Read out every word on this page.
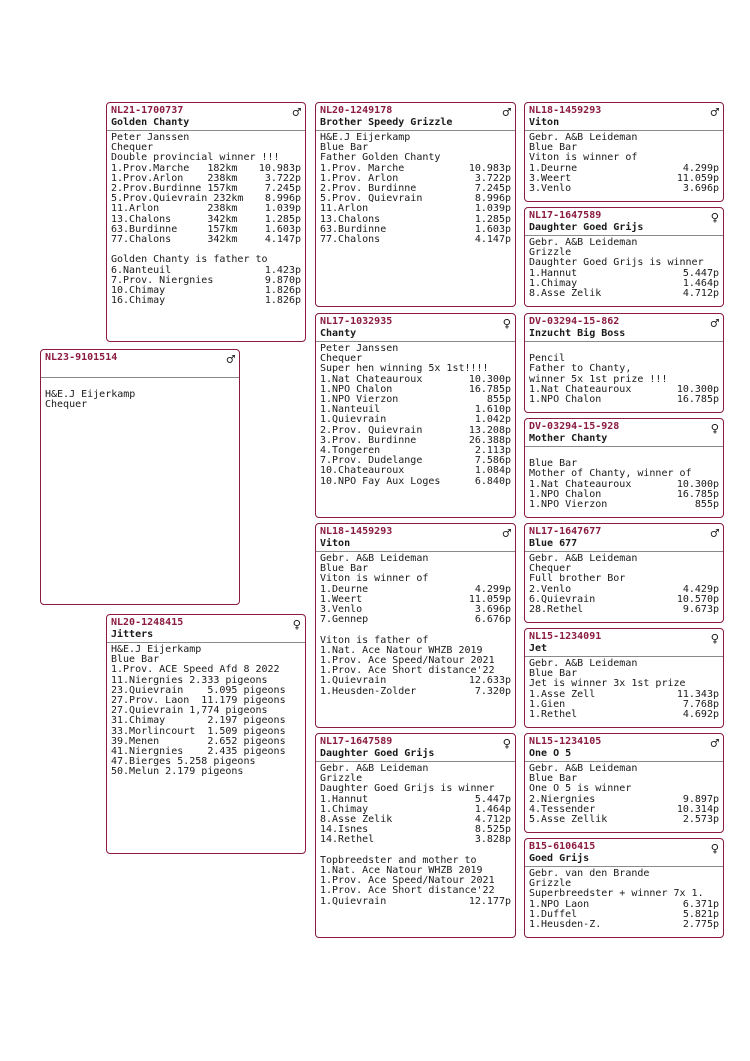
NL21-1700737
Golden Chanty
♂
Peter Janssen
Chequer
Double provincial winner !!!
1.Prov.Marche   182km 10.983p
1.Prov.Arlon    238km	3.722p
2.Prov.Burdinne 157km	7.245p
5.Prov.Quievrain 232km 8.996p
11.Arlon        238km	1.039p
13.Chalons      342km	1.285p
63.Burdinne     157km	1.603p
77.Chalons      342km	4.147p
Golden Chanty is father to
6.Nanteuil	1.423p
7.Prov. Niergnies	9.870p
10.Chimay	1.826p
16.Chimay	1.826p
NL20-1249178
Brother Speedy Grizzle
♂
H&E.J Eijerkamp
Blue Bar
Father Golden Chanty
1.Prov. Marche	10.983p
1.Prov. Arlon	3.722p
2.Prov. Burdinne	7.245p
5.Prov. Quievrain	8.996p
11.Arlon	1.039p
13.Chalons	1.285p
63.Burdinne	1.603p
77.Chalons	4.147p
NL18-1459293
Viton
♂
Gebr. A&B Leideman
Blue Bar
Viton is winner of
1.Deurne	4.299p
3.Weert	11.059p
3.Venlo	3.696p
NL17-1647589
Daughter Goed Grijs
♀
Gebr. A&B Leideman
Grizzle
Daughter Goed Grijs is winner
1.Hannut	5.447p
1.Chimay	1.464p
8.Asse Zelik	4.712p
NL17-1032935
Chanty
♀
Peter Janssen
Chequer
Super hen winning 5x 1st!!!!
1.Nat Chateauroux	10.300p
1.NPO Chalon	16.785p
1.NPO Vierzon	855p
1.Nanteuil	1.610p
1.Quievrain	1.042p
2.Prov. Quievrain	13.208p
3.Prov. Burdinne	26.388p
4.Tongeren	2.113p
7.Prov. Dudelange	7.586p
10.Chateauroux	1.084p
10.NPO Fay Aux Loges	6.840p
DV-03294-15-862
Inzucht Big Boss
♂
Pencil
Father to Chanty,
winner 5x 1st prize !!!
1.Nat Chateauroux	10.300p
1.NPO Chalon	16.785p
DV-03294-15-928
Mother Chanty
♀
Blue Bar
Mother of Chanty, winner of
1.Nat Chateauroux	10.300p
1.NPO Chalon	16.785p
1.NPO Vierzon	855p
NL23-9101514
	♂
H&E.J Eijerkamp
Chequer
NL18-1459293
Viton
♂
Gebr. A&B Leideman
Blue Bar
Viton is winner of
1.Deurne	4.299p
1.Weert	11.059p
3.Venlo	3.696p
7.Gennep	6.676p
Viton is father of
1.Nat. Ace Natour WHZB 2019
1.Prov. Ace Speed/Natour 2021
1.Prov. Ace Short distance'22
1.Quievrain	12.633p
1.Heusden-Zolder	7.320p
NL17-1647677
Blue 677
♂
Gebr. A&B Leideman
Chequer
Full brother Bor
2.Venlo	4.429p
6.Quievrain	10.570p
28.Rethel	9.673p
NL20-1248415
Jitters
♀
H&E.J Eijerkamp
Blue Bar
1.Prov. ACE Speed Afd 8 2022
11.Niergnies 2.333 pigeons
23.Quievrain    5.095 pigeons
27.Prov. Laon  11.179 pigeons
27.Quievrain 1,774 pigeons
31.Chimay       2.197 pigeons
33.Morlincourt  1.509 pigeons
39.Menen        2.652 pigeons
41.Niergnies    2.435 pigeons
47.Bierges 5.258 pigeons
50.Melun 2.179 pigeons
NL15-1234091
Jet
♀
Gebr. A&B Leideman
Blue Bar
Jet is winner 3x 1st prize
1.Asse Zell	11.343p
1.Gien	7.768p
1.Rethel	4.692p
NL17-1647589
Daughter Goed Grijs
♀
Gebr. A&B Leideman
Grizzle
Daughter Goed Grijs is winner
1.Hannut	5.447p
1.Chimay	1.464p
8.Asse Zelik	4.712p
14.Isnes	8.525p
14.Rethel	3.828p
Topbreedster and mother to
1.Nat. Ace Natour WHZB 2019
1.Prov. Ace Speed/Natour 2021
1.Prov. Ace Short distance'22
1.Quievrain	12.177p
NL15-1234105
One O 5
♂
Gebr. A&B Leideman
Blue Bar
One O 5 is winner
2.Niergnies	9.897p
4.Tessender	10.314p
5.Asse Zellik	2.573p
B15-6106415
Goed Grijs
♀
Gebr. van den Brande
Grizzle
Superbreedster + winner 7x 1.
1.NPO Laon	6.371p
1.Duffel	5.821p
1.Heusden-Z.	2.775p
